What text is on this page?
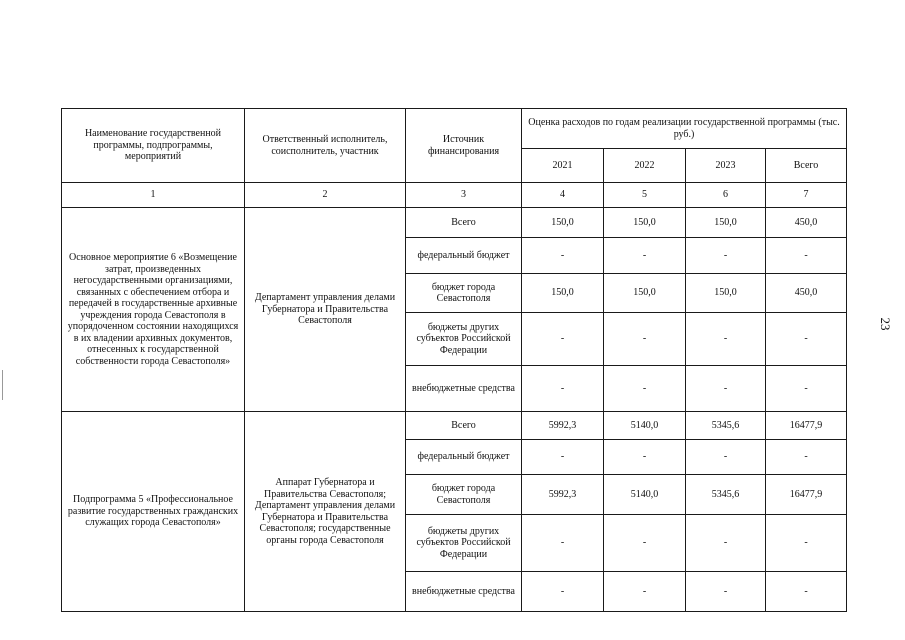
23
Наименование государственной программы, подпрограммы, мероприятий	Ответственный исполнитель, соисполнитель, участник	Источник финансирования	Оценка расходов по годам реализации государственной программы (тыс. руб.)			
			2021	2022	2023	Всего
1	2	3	4	5	6	7
Основное мероприятие 6 «Возмещение затрат, произведенных негосударственными организациями, связанных с обеспечением отбора и передачей в государственные архивные учреждения города Севастополя в упорядоченном состоянии находящихся в их владении архивных документов, отнесенных к государственной собственности города Севастополя»	Департамент управления делами Губернатора и Правительства Севастополя	Всего	150,0	150,0	150,0	450,0
		федеральный бюджет	-	-	-	-
		бюджет города Севастополя	150,0	150,0	150,0	450,0
		бюджеты других субъектов Российской Федерации	-	-	-	-
		внебюджетные средства	-	-	-	-
Подпрограмма 5 «Профессиональное развитие государственных гражданских служащих города Севастополя»	Аппарат Губернатора и Правительства Севастополя; Департамент управления делами Губернатора и Правительства Севастополя; государственные органы города Севастополя	Всего	5992,3	5140,0	5345,6	16477,9
		федеральный бюджет	-	-	-	-
		бюджет города Севастополя	5992,3	5140,0	5345,6	16477,9
		бюджеты других субъектов Российской Федерации	-	-	-	-
		внебюджетные средства	-	-	-	-
